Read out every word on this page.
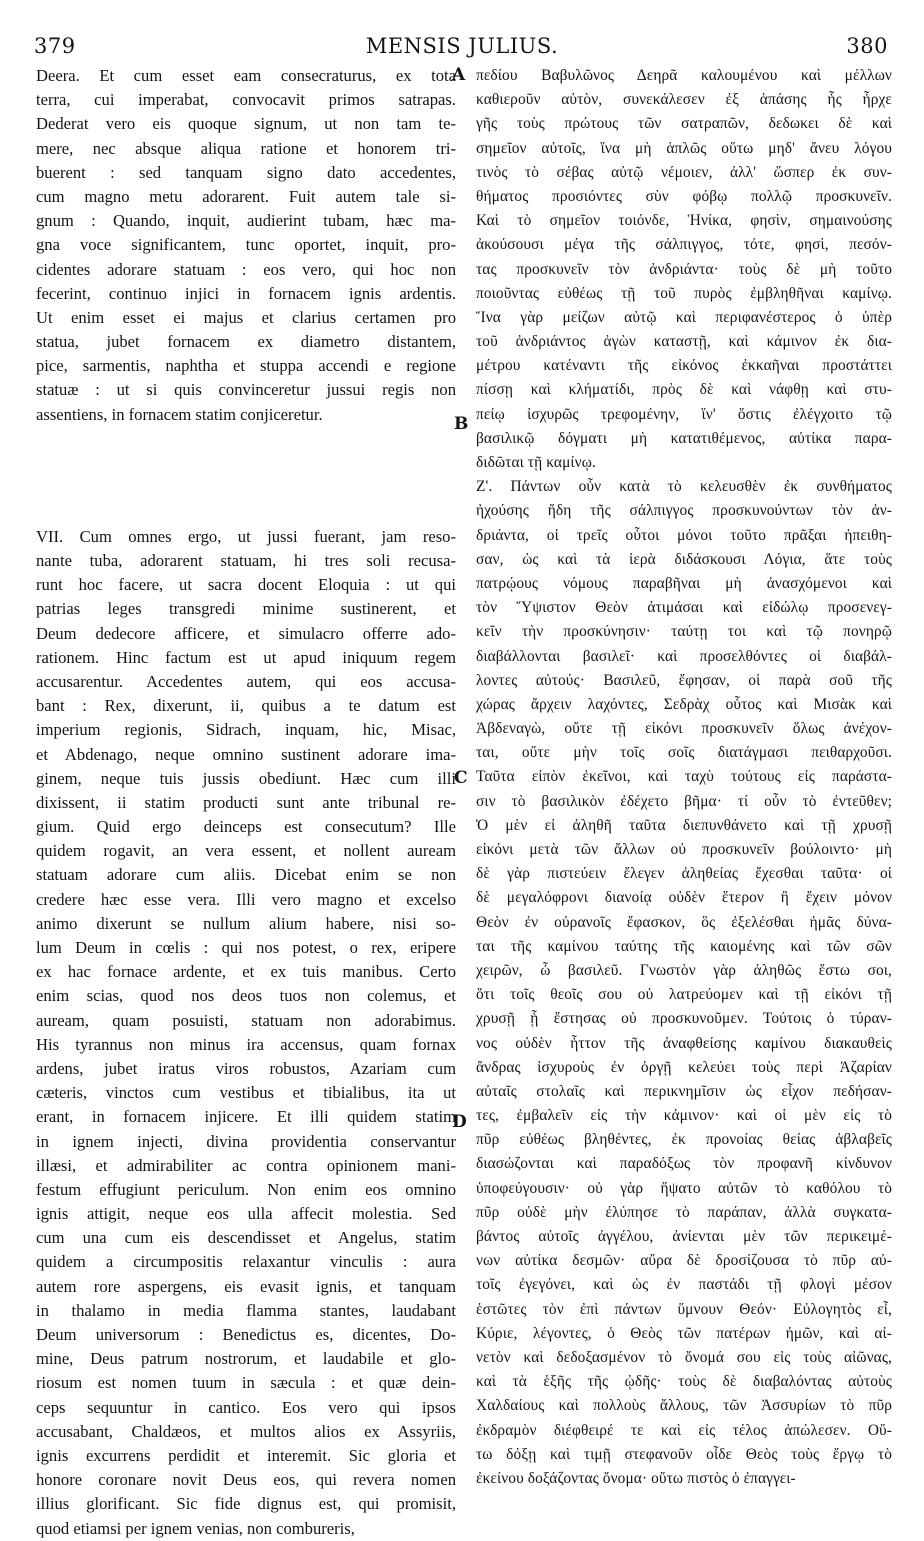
379	MENSIS JULIUS.	380
Deera. Et cum esset eam consecraturus, ex tota
terra, cui imperabat, convocavit primos satrapas.
Dederat vero eis quoque signum, ut non tam te-
mere, nec absque aliqua ratione et honorem tri-
buerent : sed tanquam signo dato accedentes,
cum magno metu adorarent. Fuit autem tale si-
gnum : Quando, inquit, audierint tubam, hæc ma-
gna voce significantem, tunc oportet, inquit, pro-
cidentes adorare statuam : eos vero, qui hoc non
fecerint, continuo injici in fornacem ignis ardentis.
Ut enim esset ei majus et clarius certamen pro
statua, jubet fornacem ex diametro distantem,
pice, sarmentis, naphtha et stuppa accendi e regione
statuæ : ut si quis convinceretur jussui regis non
assentiens, in fornacem statim conjiceretur.
VII. Cum omnes ergo, ut jussi fuerant, jam reso-
nante tuba, adorarent statuam, hi tres soli recusa-
runt hoc facere, ut sacra docent Eloquia : ut qui
patrias leges transgredi minime sustinerent, et
Deum dedecore afficere, et simulacro offerre ado-
rationem. Hinc factum est ut apud iniquum regem
accusarentur. Accedentes autem, qui eos accusa-
bant : Rex, dixerunt, ii, quibus a te datum est
imperium regionis, Sidrach, inquam, hic, Misac,
et Abdenago, neque omnino sustinent adorare ima-
ginem, neque tuis jussis obediunt. Hæc cum illi
dixissent, ii statim producti sunt ante tribunal re-
gium. Quid ergo deinceps est consecutum? Ille
quidem rogavit, an vera essent, et nollent auream
statuam adorare cum aliis. Dicebat enim se non
credere hæc esse vera. Illi vero magno et excelso
animo dixerunt se nullum alium habere, nisi so-
lum Deum in cœlis : qui nos potest, o rex, eripere
ex hac fornace ardente, et ex tuis manibus. Certo
enim scias, quod nos deos tuos non colemus, et
auream, quam posuisti, statuam non adorabimus.
His tyrannus non minus ira accensus, quam fornax
ardens, jubet iratus viros robustos, Azariam cum
cæteris, vinctos cum vestibus et tibialibus, ita ut
erant, in fornacem injicere. Et illi quidem statim
in ignem injecti, divina providentia conservantur
illæsi, et admirabiliter ac contra opinionem mani-
festum effugiunt periculum. Non enim eos omnino
ignis attigit, neque eos ulla affecit molestia. Sed
cum una cum eis descendisset et Angelus, statim
quidem a circumpositis relaxantur vinculis : aura
autem rore aspergens, eis evasit ignis, et tanquam
in thalamo in media flamma stantes, laudabant
Deum universorum : Benedictus es, dicentes, Do-
mine, Deus patrum nostrorum, et laudabile et glo-
riosum est nomen tuum in sæcula : et quæ dein-
ceps sequuntur in cantico. Eos vero qui ipsos
accusabant, Chaldæos, et multos alios ex Assyriis,
ignis excurrens perdidit et interemit. Sic gloria et
honore coronare novit Deus eos, qui revera nomen
illius glorificant. Sic fide dignus est, qui promisit,
quod etiamsi per ignem venias, non combureris,
πεδίου Βαβυλῶνος Δεηρᾶ καλουμένου καὶ μέλλων
καθιεροῦν αὐτὸν, συνεκάλεσεν ἐξ ἁπάσης ἧς ἦρχε
γῆς τοὺς πρώτους τῶν σατραπῶν, δεδωκει δὲ καὶ
σημεῖον αὐτοῖς, ἵνα μὴ ἁπλῶς οὕτω μηδ' ἄνευ λόγου
τινὸς τὸ σέβας αὐτῷ νέμοιεν, ἀλλ' ὥσπερ ἐκ συν-
θήματος προσιόντες σὺν φόβῳ πολλῷ προσκυνεῖν.
Καὶ τὸ σημεῖον τοιόνδε, Ἡνίκα, φησὶν, σημαινούσης
ἀκούσουσι μέγα τῆς σάλπιγγος, τότε, φησὶ, πεσόν-
τας προσκυνεῖν τὸν ἀνδριάντα· τοὺς δὲ μὴ τοῦτο
ποιοῦντας εὐθέως τῇ τοῦ πυρὸς ἐμβληθῆναι καμίνῳ.
Ἵνα γὰρ μείζων αὐτῷ καὶ περιφανέστερος ὁ ὑπὲρ
τοῦ ἀνδριάντος ἀγὼν καταστῇ, καὶ κάμινον ἐκ δια-
μέτρου κατέναντι τῆς εἰκόνος ἐκκαῆναι προστάττει
πίσσῃ καὶ κλήματίδι, πρὸς δὲ καὶ νάφθῃ καὶ στυ-
πείῳ ἰσχυρῶς τρεφομένην, ἵν' ὅστις ἐλέγχοιτο τῷ
βασιλικῷ δόγματι μὴ κατατιθέμενος, αὐτίκα παρα-
διδῶται τῇ καμίνῳ.
Ζ'. Πάντων οὖν κατὰ τὸ κελευσθὲν ἐκ συνθήματος
ἠχούσης ἤδη τῆς σάλπιγγος προσκυνούντων τὸν ἀν-
δριάντα, οἱ τρεῖς οὗτοι μόνοι τοῦτο πρᾶξαι ἠπειθη-
σαν, ὡς καὶ τὰ ἱερὰ διδάσκουσι Λόγια, ἅτε τοὺς
πατρῴους νόμους παραβῆναι μὴ ἀνασχόμενοι καὶ
τὸν Ὕψιστον Θεὸν ἀτιμάσαι καὶ εἰδώλῳ προσενεγ-
κεῖν τὴν προσκύνησιν· ταύτῃ τοι καὶ τῷ πονηρῷ
διαβάλλονται βασιλεῖ· καὶ προσελθόντες οἱ διαβάλ-
λοντες αὐτούς· Βασιλεῦ, ἔφησαν, οἱ παρὰ σοῦ τῆς
χώρας ἄρχειν λαχόντες, Σεδρὰχ οὗτος καὶ Μισὰκ καὶ
Ἀβδεναγὼ, οὔτε τῇ εἰκόνι προσκυνεῖν ὅλως ἀνέχον-
ται, οὔτε μὴν τοῖς σοῖς διατάγμασι πειθαρχοῦσι.
Ταῦτα εἰπὸν ἐκεῖνοι, καὶ ταχὺ τούτους εἰς παράστα-
σιν τὸ βασιλικὸν ἐδέχετο βῆμα· τί οὖν τὸ ἐντεῦθεν;
Ὁ μὲν εἰ ἀληθῆ ταῦτα διεπυνθάνετο καὶ τῇ χρυσῇ
εἰκόνι μετὰ τῶν ἄλλων οὐ προσκυνεῖν βούλοιντο· μὴ
δὲ γὰρ πιστεύειν ἔλεγεν ἀληθείας ἔχεσθαι ταῦτα· οἱ
δὲ μεγαλόφρονι διανοίᾳ οὐδὲν ἕτερον ἢ ἔχειν μόνον
Θεὸν ἐν οὐρανοῖς ἔφασκον, ὃς ἐξελέσθαι ἡμᾶς δύνα-
ται τῆς καμίνου ταύτης τῆς καιομένης καὶ τῶν σῶν
χειρῶν, ὦ βασιλεῦ. Γνωστὸν γὰρ ἀληθῶς ἔστω σοι,
ὅτι τοῖς θεοῖς σου οὐ λατρεύομεν καὶ τῇ εἰκόνι τῇ
χρυσῇ ᾗ ἔστησας οὐ προσκυνοῦμεν. Τούτοις ὁ τύραν-
νος οὐδὲν ἧττον τῆς ἀναφθείσης καμίνου διακαυθεὶς
ἄνδρας ἰσχυροὺς ἐν ὀργῇ κελεύει τοὺς περὶ Ἀζαρίαν
αὐταῖς στολαῖς καὶ περικνημῖσιν ὡς εἶχον πεδήσαν-
τες, ἐμβαλεῖν εἰς τὴν κάμινον· καὶ οἱ μὲν εἰς τὸ
πῦρ εὐθέως βληθέντες, ἐκ προνοίας θείας ἀβλαβεῖς
διασώζονται καὶ παραδόξως τὸν προφανῆ κίνδυνον
ὑποφεύγουσιν· οὐ γὰρ ἥψατο αὐτῶν τὸ καθόλου τὸ
πῦρ οὐδὲ μὴν ἐλύπησε τὸ παράπαν, ἀλλὰ συγκατα-
βάντος αὐτοῖς ἀγγέλου, ἀνίενται μὲν τῶν περικειμέ-
νων αὐτίκα δεσμῶν· αὔρα δὲ δροσίζουσα τὸ πῦρ αὐ-
τοῖς ἐγεγόνει, καὶ ὡς ἐν παστάδι τῇ φλογὶ μέσον
ἑστῶτες τὸν ἐπὶ πάντων ὕμνουν Θεόν· Εὐλογητὸς εἶ,
Κύριε, λέγοντες, ὁ Θεὸς τῶν πατέρων ἡμῶν, καὶ αἰ-
νετὸν καὶ δεδοξασμένον τὸ ὄνομά σου εἰς τοὺς αἰῶνας,
καὶ τὰ ἑξῆς τῆς ᾠδῆς· τοὺς δὲ διαβαλόντας αὐτοὺς
Χαλδαίους καὶ πολλοὺς ἄλλους, τῶν Ἀσσυρίων τὸ πῦρ
ἐκδραμὸν διέφθειρέ τε καὶ εἰς τέλος ἀπώλεσεν. Οὕ-
τω δόξῃ καὶ τιμῇ στεφανοῦν οἶδε Θεὸς τοὺς ἔργῳ τὸ
ἐκείνου δοξάζοντας ὄνομα· οὕτω πιστὸς ὁ ἐπαγγει-
A
B
C
D
